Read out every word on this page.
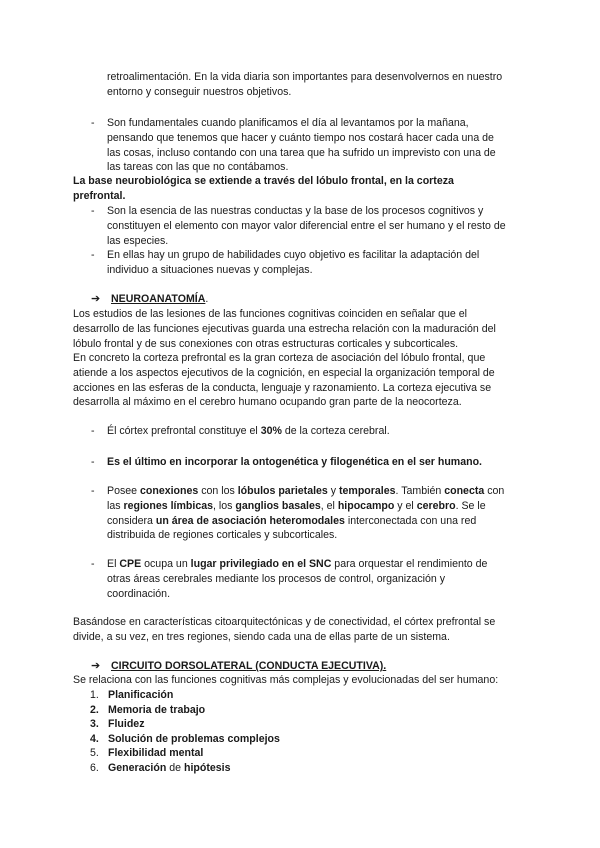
retroalimentación. En la vida diaria son importantes para desenvolvernos en nuestro
entorno y conseguir nuestros objetivos.
- Son fundamentales cuando planificamos el día al levantamos por la mañana,
pensando que tenemos que hacer y cuánto tiempo nos costará hacer cada una de
las cosas, incluso contando con una tarea que ha sufrido un imprevisto con una de
las tareas con las que no contábamos.
La base neurobiológica se extiende a través del lóbulo frontal, en la corteza
prefrontal.
- Son la esencia de las nuestras conductas y la base de los procesos cognitivos y
constituyen el elemento con mayor valor diferencial entre el ser humano y el resto de
las especies.
- En ellas hay un grupo de habilidades cuyo objetivo es facilitar la adaptación del
individuo a situaciones nuevas y complejas.
➔ NEUROANATOMÍA.
Los estudios de las lesiones de las funciones cognitivas coinciden en señalar que el
desarrollo de las funciones ejecutivas guarda una estrecha relación con la maduración del
lóbulo frontal y de sus conexiones con otras estructuras corticales y subcorticales.
En concreto la corteza prefrontal es la gran corteza de asociación del lóbulo frontal, que
atiende a los aspectos ejecutivos de la cognición, en especial la organización temporal de
acciones en las esferas de la conducta, lenguaje y razonamiento. La corteza ejecutiva se
desarrolla al máximo en el cerebro humano ocupando gran parte de la neocorteza.
- Él córtex prefrontal constituye el 30% de la corteza cerebral.
- Es el último en incorporar la ontogenética y filogenética en el ser humano.
- Posee conexiones con los lóbulos parietales y temporales. También conecta con
las regiones límbicas, los ganglios basales, el hipocampo y el cerebro. Se le
considera un área de asociación heteromodales interconectada con una red
distribuida de regiones corticales y subcorticales.
- El CPE ocupa un lugar privilegiado en el SNC para orquestar el rendimiento de
otras áreas cerebrales mediante los procesos de control, organización y
coordinación.
Basándose en características citoarquitectónicas y de conectividad, el córtex prefrontal se
divide, a su vez, en tres regiones, siendo cada una de ellas parte de un sistema.
➔ CIRCUITO DORSOLATERAL (CONDUCTA EJECUTIVA).
Se relaciona con las funciones cognitivas más complejas y evolucionadas del ser humano:
1. Planificación
2. Memoria de trabajo
3. Fluidez
4. Solución de problemas complejos
5. Flexibilidad mental
6. Generación de hipótesis
